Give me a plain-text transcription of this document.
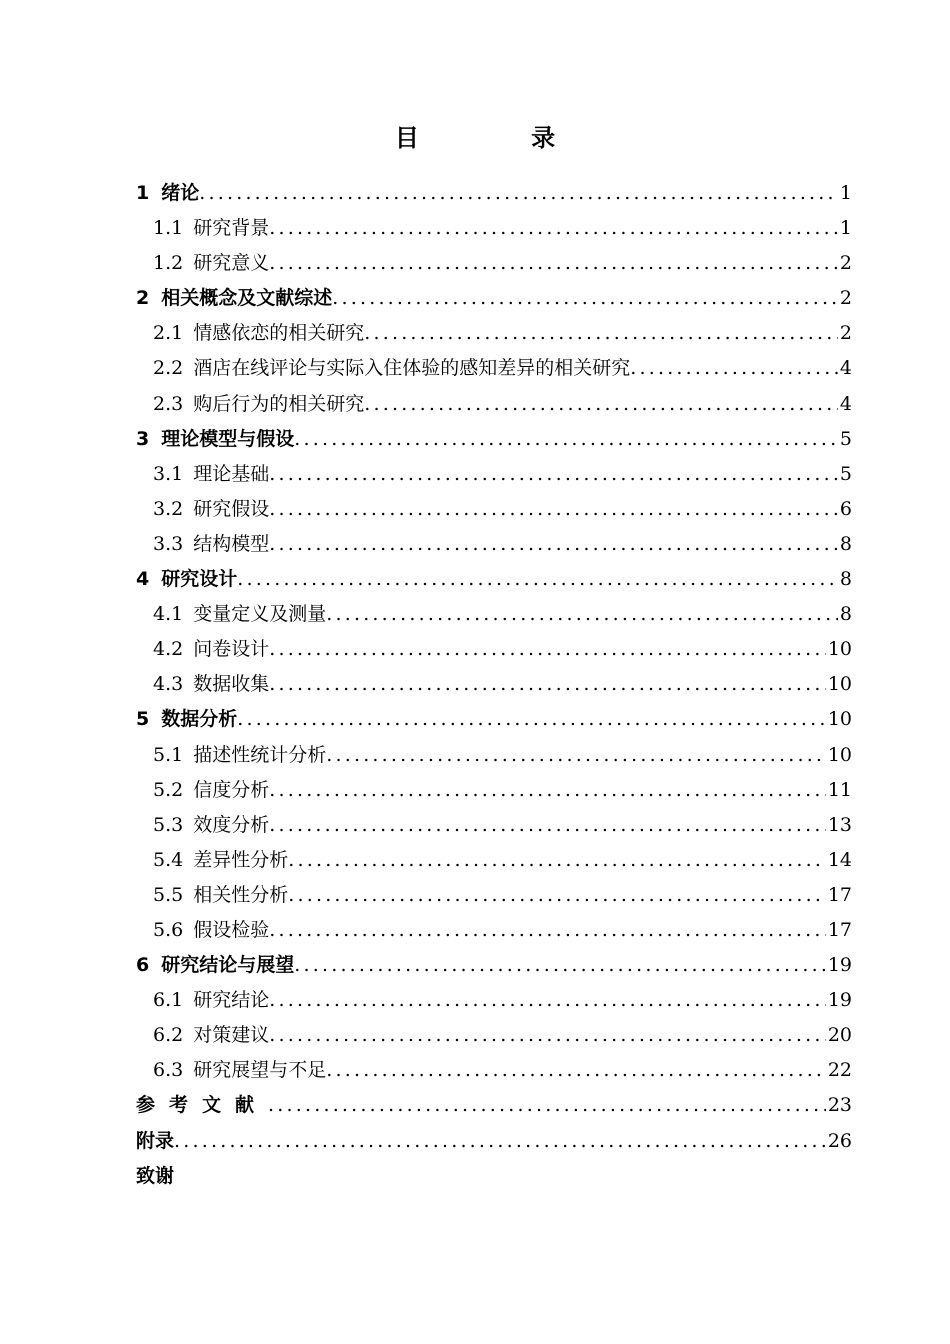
目 录
1 绪论 .....	1
1.1 研究背景 .....	1
1.2 研究意义 .....	2
2 相关概念及文献综述 .....	2
2.1 情感依恋的相关研究 .....	2
2.2 酒店在线评论与实际入住体验的感知差异的相关研究 .....	4
2.3 购后行为的相关研究 .....	4
3 理论模型与假设 .....	5
3.1 理论基础 .....	5
3.2 研究假设 .....	6
3.3 结构模型 .....	8
4 研究设计 .....	8
4.1 变量定义及测量 .....	8
4.2 问卷设计 .....	10
4.3 数据收集 .....	10
5 数据分析 .....	10
5.1 描述性统计分析 .....	10
5.2 信度分析 .....	11
5.3 效度分析 .....	13
5.4 差异性分析 .....	14
5.5 相关性分析 .....	17
5.6 假设检验 .....	17
6 研究结论与展望 .....	19
6.1 研究结论 .....	19
6.2 对策建议 .....	20
6.3 研究展望与不足 .....	22
参考文献 .....	23
附录 .....	26
致谢
